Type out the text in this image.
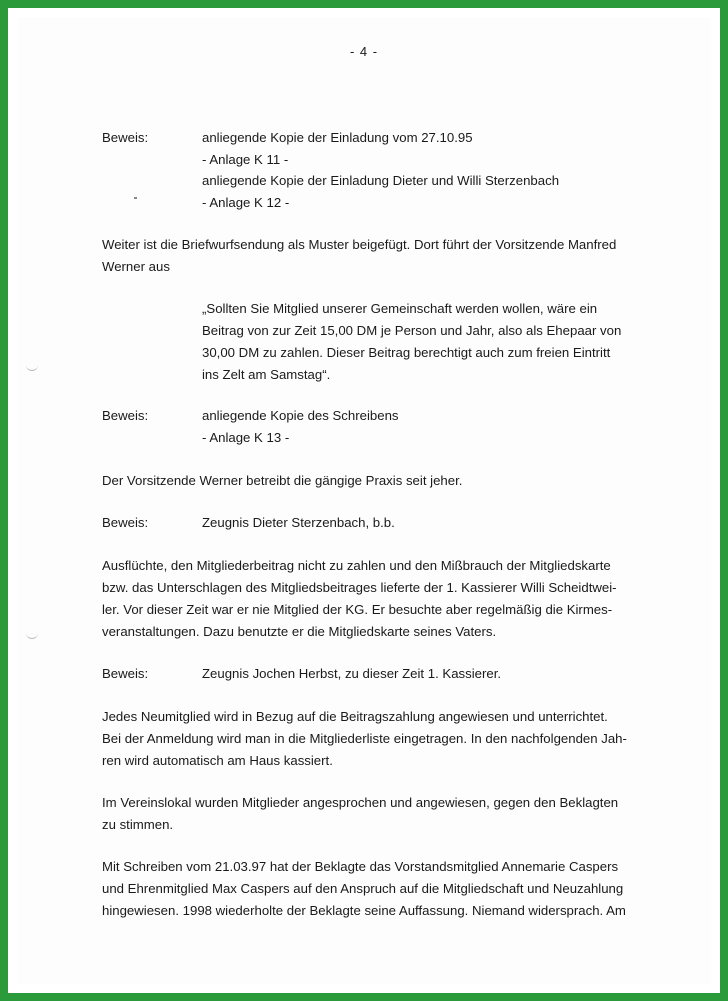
- 4 -
Beweis:	anliegende Kopie der Einladung vom 27.10.95
- Anlage K 11 -
anliegende Kopie der Einladung Dieter und Willi Sterzenbach
- Anlage K 12 -
Weiter ist die Briefwurfsendung als Muster beigefügt. Dort führt der Vorsitzende Manfred
Werner aus
„Sollten Sie Mitglied unserer Gemeinschaft werden wollen, wäre ein
Beitrag von zur Zeit 15,00 DM je Person und Jahr, also als Ehepaar von
30,00 DM zu zahlen. Dieser Beitrag berechtigt auch zum freien Eintritt
ins Zelt am Samstag“.
Beweis:	anliegende Kopie des Schreibens
- Anlage K 13 -
Der Vorsitzende Werner betreibt die gängige Praxis seit jeher.
Beweis:	Zeugnis Dieter Sterzenbach, b.b.
Ausflüchte, den Mitgliederbeitrag nicht zu zahlen und den Mißbrauch der Mitgliedskarte
bzw. das Unterschlagen des Mitgliedsbeitrages lieferte der 1. Kassierer Willi Scheidtwei-
ler. Vor dieser Zeit war er nie Mitglied der KG. Er besuchte aber regelmäßig die Kirmes-
veranstaltungen. Dazu benutzte er die Mitgliedskarte seines Vaters.
Beweis:	Zeugnis Jochen Herbst, zu dieser Zeit 1. Kassierer.
Jedes Neumitglied wird in Bezug auf die Beitragszahlung angewiesen und unterrichtet.
Bei der Anmeldung wird man in die Mitgliederliste eingetragen. In den nachfolgenden Jah-
ren wird automatisch am Haus kassiert.
Im Vereinslokal wurden Mitglieder angesprochen und angewiesen, gegen den Beklagten
zu stimmen.
Mit Schreiben vom 21.03.97 hat der Beklagte das Vorstandsmitglied Annemarie Caspers
und Ehrenmitglied Max Caspers auf den Anspruch auf die Mitgliedschaft und Neuzahlung
hingewiesen. 1998 wiederholte der Beklagte seine Auffassung. Niemand widersprach. Am
